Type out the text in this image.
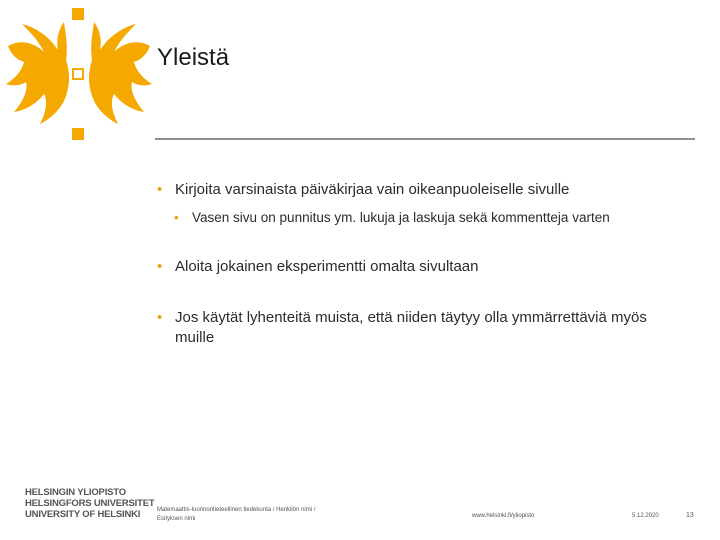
Yleistä
• Kirjoita varsinaista päiväkirjaa vain oikeanpuoleiselle sivulle
• Vasen sivu on punnitus ym. lukuja ja laskuja sekä kommentteja varten
• Aloita jokainen eksperimentti omalta sivultaan
• Jos käytät lyhenteitä muista, että niiden täytyy olla ymmärrettäviä myös muille
HELSINGIN YLIOPISTO
HELSINGFORS UNIVERSITET
UNIVERSITY OF HELSINKI	Matemaattis-luonnontieteellinen tiedekunta / Henkilön nimi /
Esityksen nimi	www.helsinki.fi/yliopisto	5.12.2020	13
